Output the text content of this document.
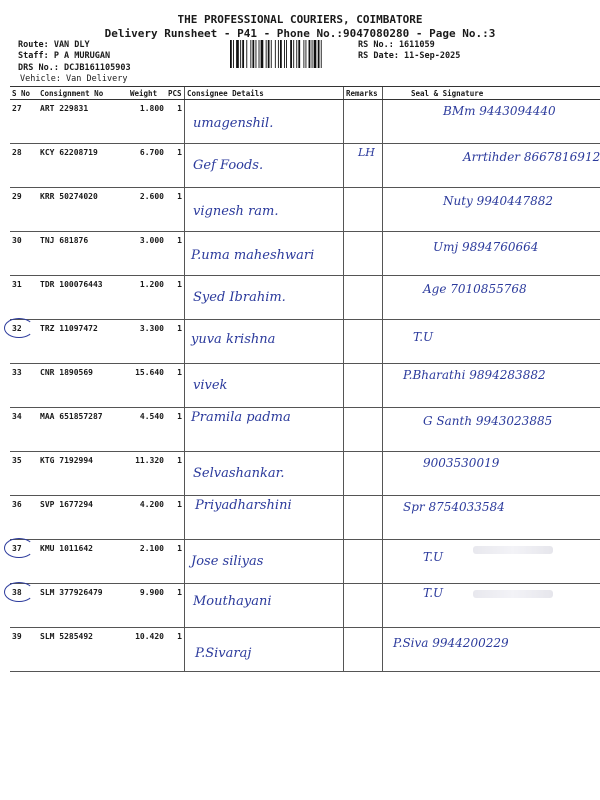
THE PROFESSIONAL COURIERS, COIMBATORE
Delivery Runsheet - P41 - Phone No.:9047080280 - Page No.:3
Route: VAN DLY
Staff: P A MURUGAN
DRS No.: DCJB161105903
Vehicle: Van Delivery
RS No.: 1611059
RS Date: 11-Sep-2025
S No	Consignment No	Weight	PCS	Consignee Details	Remarks	Seal & Signature
27	ART 229831	1.800	1	umagenshil.		BMm 9443094440

28	KCY 62208719	6.700	1	Gef Foods.	LH	Arrtihder 8667816912

29	KRR 50274020	2.600	1	vignesh ram.		Nuty 9940447882

30	TNJ 681876	3.000	1	P.uma maheshwari		Umj 9894760664

31	TDR 100076443	1.200	1	Syed Ibrahim.		Age 7010855768

32	TRZ 11097472	3.300	1	yuva krishna		T.U

33	CNR 1890569	15.640	1	vivek		P.Bharathi 9894283882

34	MAA 651857287	4.540	1	Pramila padma		G Santh 9943023885

35	KTG 7192994	11.320	1	Selvashankar.		9003530019

36	SVP 1677294	4.200	1	Priyadharshini		Spr 8754033584

37	KMU 1011642	2.100	1	Jose siliyas		T.U

38	SLM 377926479	9.900	1	Mouthayani		T.U

39	SLM 5285492	10.420	1	P.Sivaraj		P.Siva 9944200229
